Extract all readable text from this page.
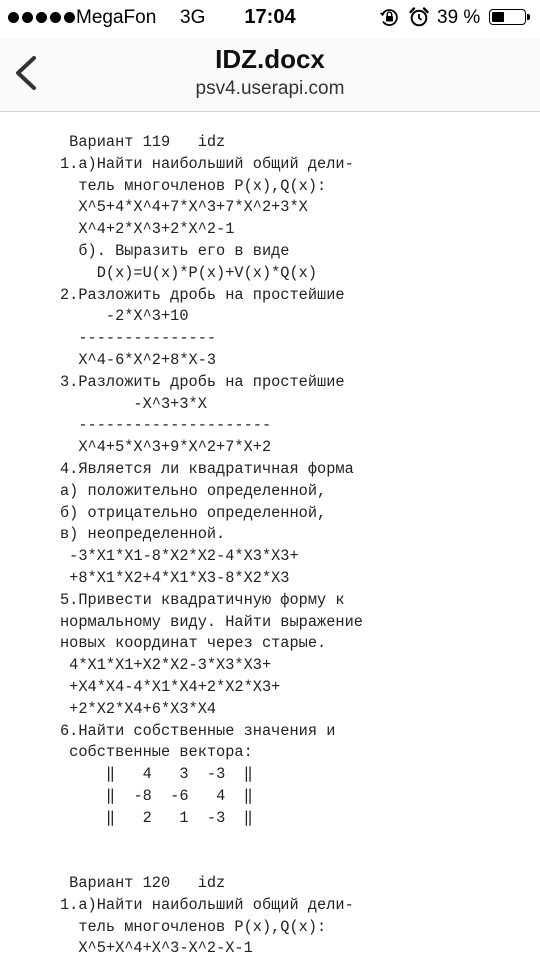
MegaFon 3G	17:04	39 %
IDZ.docx
psv4.userapi.com
Вариант 119   idz
1.а)Найти наибольший общий дели-
тель многочленов P(x),Q(x):
X^5+4*X^4+7*X^3+7*X^2+3*X
X^4+2*X^3+2*X^2-1
б). Выразить его в виде
D(x)=U(x)*P(x)+V(x)*Q(x)
2.Разложить дробь на простейшие
-2*X^3+10
---------------
X^4-6*X^2+8*X-3
3.Разложить дробь на простейшие
-X^3+3*X
---------------------
X^4+5*X^3+9*X^2+7*X+2
4.Является ли квадратичная форма
а) положительно определенной,
б) отрицательно определенной,
в) неопределенной.
-3*X1*X1-8*X2*X2-4*X3*X3+
+8*X1*X2+4*X1*X3-8*X2*X3
5.Привести квадратичную форму к
нормальному виду. Найти выражение
новых координат через старые.
4*X1*X1+X2*X2-3*X3*X3+
+X4*X4-4*X1*X4+2*X2*X3+
+2*X2*X4+6*X3*X4
6.Найти собственные значения и
собственные вектора:
‖   4   3  -3  ‖
‖  -8  -6   4  ‖
‖   2   1  -3  ‖
Вариант 120   idz
1.а)Найти наибольший общий дели-
тель многочленов P(x),Q(x):
X^5+X^4+X^3-X^2-X-1
